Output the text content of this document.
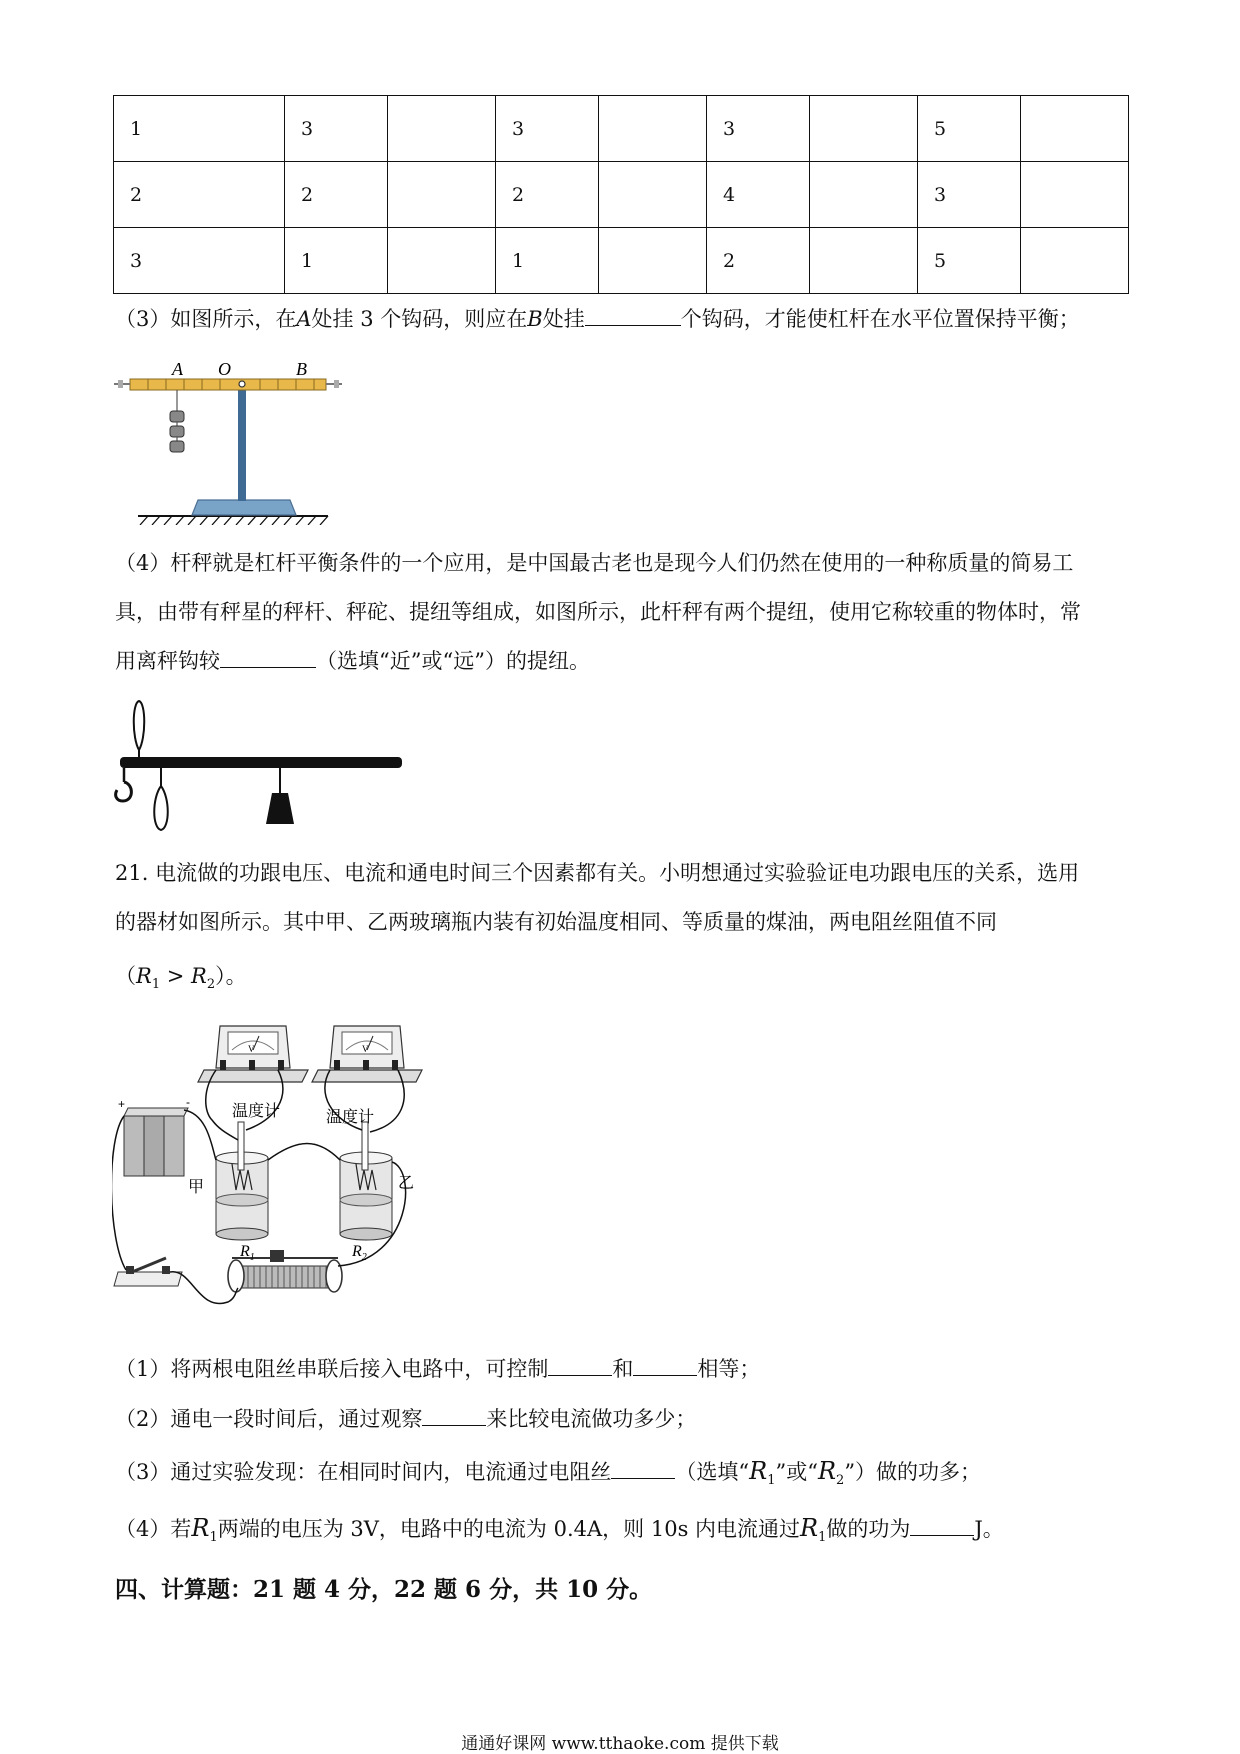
1	3		3		3		5	
2	2		2		4		3	
3	1		1		2		5	
（3）如图所示，在A处挂 3 个钩码，则应在B处挂	个钩码，才能使杠杆在水平位置保持平衡；
A O	B
（4）杆秤就是杠杆平衡条件的一个应用，是中国最古老也是现今人们仍然在使用的一种称质量的简易工
具，由带有秤星的秤杆、秤砣、提纽等组成，如图所示，此杆秤有两个提纽，使用它称较重的物体时，常
用离秤钩较	（选填“近”或“远”）的提纽。
21. 电流做的功跟电压、电流和通电时间三个因素都有关。小明想通过实验验证电功跟电压的关系，选用
的器材如图所示。其中甲、乙两玻璃瓶内装有初始温度相同、等质量的煤油，两电阻丝阻值不同
$(R_1 > R_2)$。
V	V
+	-	温度计	温度计
甲	乙
$R_1$	$R_2$
（1）将两根电阻丝串联后接入电路中，可控制	和	相等；
（2）通电一段时间后，通过观察	来比较电流做功多少；
（3）通过实验发现：在相同时间内，电流通过电阻丝	（选填“$R_1$”或“$R_2$”）做的功多；
（4）若$R_1$两端的电压为 3V，电路中的电流为 0.4A，则 10s 内电流通过$R_1$做的功为	J。
四、计算题：21 题 4 分，22 题 6 分，共 10 分。
通通好课网 www.tthaoke.com 提供下载
